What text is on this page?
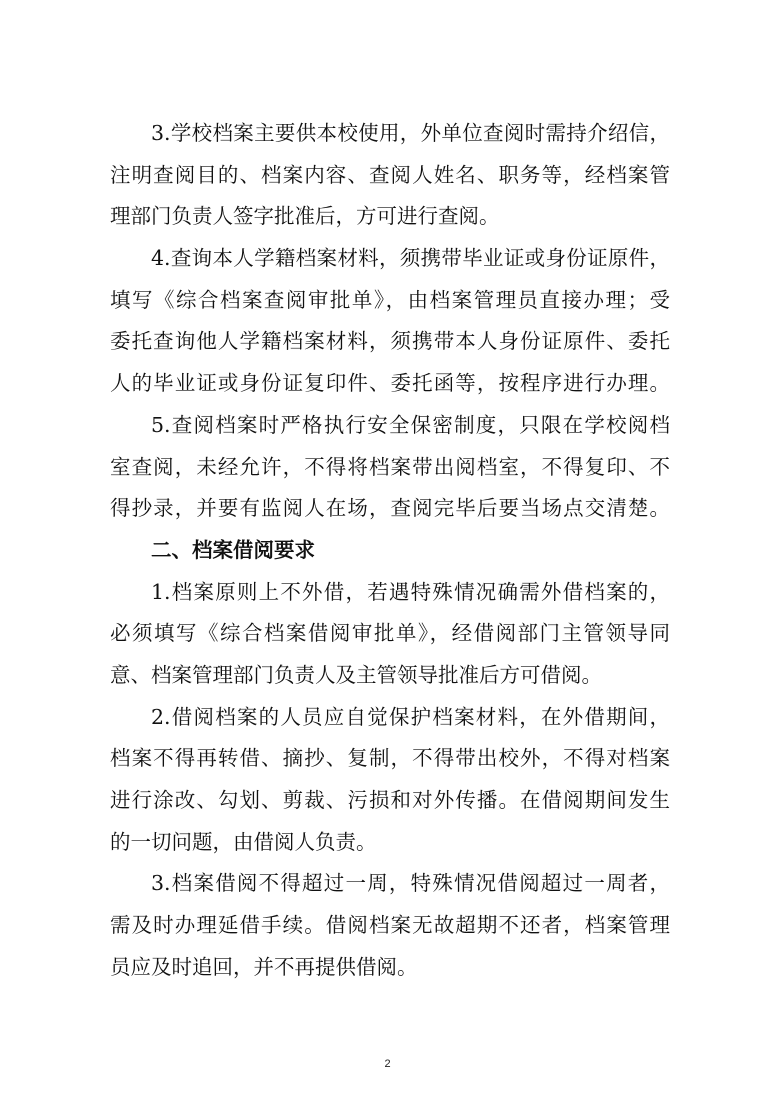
3.学校档案主要供本校使用，外单位查阅时需持介绍信，
注明查阅目的、档案内容、查阅人姓名、职务等，经档案管
理部门负责人签字批准后，方可进行查阅。
4.查询本人学籍档案材料，须携带毕业证或身份证原件，
填写《综合档案查阅审批单》，由档案管理员直接办理；受
委托查询他人学籍档案材料，须携带本人身份证原件、委托
人的毕业证或身份证复印件、委托函等，按程序进行办理。
5.查阅档案时严格执行安全保密制度，只限在学校阅档
室查阅，未经允许，不得将档案带出阅档室，不得复印、不
得抄录，并要有监阅人在场，查阅完毕后要当场点交清楚。
二、档案借阅要求
1.档案原则上不外借，若遇特殊情况确需外借档案的，
必须填写《综合档案借阅审批单》，经借阅部门主管领导同
意、档案管理部门负责人及主管领导批准后方可借阅。
2.借阅档案的人员应自觉保护档案材料，在外借期间，
档案不得再转借、摘抄、复制，不得带出校外，不得对档案
进行涂改、勾划、剪裁、污损和对外传播。在借阅期间发生
的一切问题，由借阅人负责。
3.档案借阅不得超过一周，特殊情况借阅超过一周者，
需及时办理延借手续。借阅档案无故超期不还者，档案管理
员应及时追回，并不再提供借阅。
2
